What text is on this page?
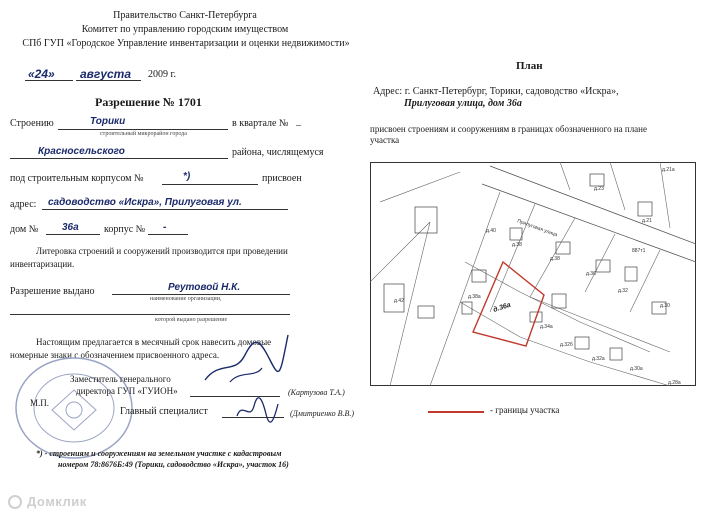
Правительство Санкт-Петербурга
Комитет по управлению городским имуществом
СПб ГУП «Городское Управление инвентаризации и оценки недвижимости»
«24» августа 2009 г.
Разрешение № 1701
Строению	Торики
строительный микрорайон города
в квартале № _
Красносельского	района, числящемуся
под строительным корпусом №	*)	присвоен
адрес: садоводство «Искра», Прилуговая ул.
дом № 36а	корпус № -
Литеровка строений и сооружений производится при проведении
инвентаризации.
Разрешение выдано	Реутовой Н.К.
наименование организации,
которой выдано разрешение
Настоящим предлагается в месячный срок навесить домовые
номерные знаки с обозначением присвоенного адреса.
Заместитель генерального
директора ГУП «ГУИОН»	(Картузова Т.А.)
М.П.
Главный специалист	(Дмитриенко В.В.)
*) - строениям и сооружениям на земельном участке с кадастровым
номером 78:8676Б:49 (Торики, садоводство «Искра», участок 16)
План
Адрес: г. Санкт-Петербург, Торики, садоводство «Искра»,
Прилуговая улица, дом 36а
присвоен строениям и сооружениям в границах обозначенного на плане
участка
Прилуговая улица
д.21а
д.23
д.21
д.40
д.38
д.38
д.36
д.32
д.30
д.38а
д.34а
д.32б
д.32а
д.30а
д.28а
д.42
887т1
д.36а
- границы участка
Домклик
